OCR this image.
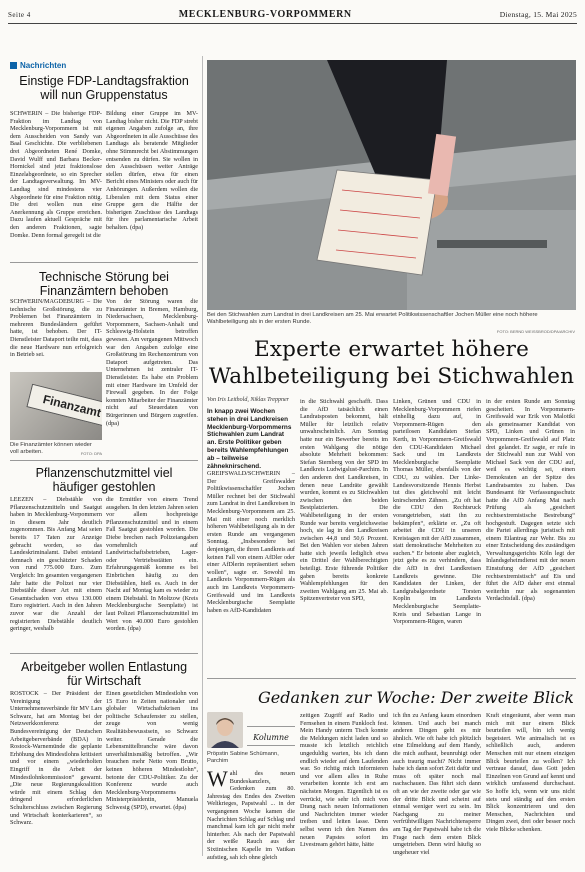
Seite 4	MECKLENBURG-VORPOMMERN	Dienstag, 15. Mai 2025
Nachrichten
Einstige FDP-Landtagsfraktion will nun Gruppenstatus
SCHWERIN – Die bisherige FDP-Fraktion im Landtag von Mecklenburg-Vorpommern ist mit dem Ausscheiden von Sandy van Baal Geschichte. Die verbliebenen drei Abgeordneten René Domke, David Wulff und Barbara Becker-Hornickel sind jetzt fraktionslose Einzelabgeordnete, so ein Sprecher der Landtagsverwaltung. Im MV-Landtag sind mindestens vier Abgeordnete für eine Fraktion nötig. Die drei wollen nun eine Anerkennung als Gruppe erreichen. Dazu laufen aktuell Gespräche mit den anderen Fraktionen, sagte Domke. Denn formal geregelt ist die
Bildung einer Gruppe im MV-Landtag bisher nicht. Die FDP strebt eigenen Angaben zufolge an, ihre Abgeordneten in alle Ausschüsse des Landtags als beratende Mitglieder ohne Stimmrecht bei Abstimmungen entsenden zu dürfen. Sie wollen in den Ausschüssen weiter Anträge stellen dürfen, etwa für einen Bericht eines Ministers oder auch für Anhörungen. Außerdem wollen die Liberalen mit dem Status einer Gruppe gern die Hälfte der bisherigen Zuschüsse des Landtags für ihre parlamentarische Arbeit behalten. (dpa)
Technische Störung bei Finanzämtern behoben
SCHWERIN/MAGDEBURG – Die technische Großstörung, die zu Problemen bei Finanzämtern in mehreren Bundesländern geführt hatte, ist behoben. Der IT-Dienstleister Dataport teilte mit, dass die neue Hardware nun erfolgreich in Betrieb sei.
Von der Störung waren die Finanzämter in Bremen, Hamburg, Niedersachsen, Mecklenburg-Vorpommern, Sachsen-Anhalt und Schleswig-Holstein betroffen gewesen. Am vergangenen Mittwoch war den Angaben zufolge eine Großstörung im Rechenzentrum von Dataport aufgetreten. Das Unternehmen ist zentraler IT-Dienstleister. Es habe ein Problem mit einer Hardware im Umfeld der Firewall gegeben. In der Folge konnten Mitarbeiter der Finanzämter nicht auf Steuerdaten von Bürgerinnen und Bürgern zugreifen. (dpa)
Finanzamt
Die Finanzämter können wieder voll arbeiten.	FOTO: DPA
Pflanzenschutzmittel viel häufiger gestohlen
LEEZEN – Diebstähle von Pflanzenschutzmitteln und Saatgut haben in Mecklenburg-Vorpommern in diesem Jahr deutlich zugenommen. Bis Anfang Mai seien bereits 17 Taten zur Anzeige gebracht worden, so das Landeskriminalamt. Dabei entstand demnach ein geschätzter Schaden von rund 775.000 Euro. Zum Vergleich: Im gesamten vergangenen Jahr hatte die Polizei nur vier Diebstähle dieser Art mit einem Gesamtschaden von etwa 130.000 Euro registriert. Auch in den Jahren zuvor war die Anzahl der registrierten Diebstähle deutlich geringer, weshalb
die Ermittler von einem Trend ausgehen. In den letzten Jahren seien vor allem hochpreisige Pflanzenschutzmittel und in einem Fall Saatgut gestohlen worden. Die Diebe brechen nach Polizeiangaben vornehmlich auf Landwirtschaftsbetrieben, Lager- oder Vertriebsstätten ein. Erfahrungsgemäß komme es bei Einbrüchen häufig zu den Diebstählen, hieß es. Auch in der Nacht auf Montag kam es wieder zu einem Diebstahl. In Moltzow (Kreis Mecklenburgische Seenplatte) ist laut Polizei Pflanzenschutzmittel im Wert von 40.000 Euro gestohlen worden. (dpa)
Arbeitgeber wollen Entlastung für Wirtschaft
ROSTOCK – Der Präsident der Vereinigung der Unternehmensverbände für MV Lars Schwarz, hat am Montag bei der Netzwerkkonferenz der Bundesvereinigung der Deutschen Arbeitgeberverbände (BDA) in Rostock-Warnemünde die geplante Erhöhung des Mindestlohns kritisiert und vor einem „wiederholten Eingriff in die Arbeit der Mindestlohnkommission“ gewarnt. „Die neue Regierungskoalition würde mit einem Schlag den dringend erforderlichen Schulterschluss zwischen Regierung und Wirtschaft konterkarieren“, so Schwarz.
Einen gesetzlichen Mindestlohn von 15 Euro in Zeiten nationaler und globaler Wirtschaftskrisen ins politische Schaufenster zu stellen, zeuge von wenig Realitätsbewusstsein, so Schwarz weiter. Gerade die Lebensmittelbranche wäre davon unverhältnismäßig betroffen. „Wir brauchen mehr Netto vom Brutto, keinen höheren Mindestlohn“, betonte der CDU-Politiker. Zu der Konferenz wurde auch Mecklenburg-Vorpommerns Ministerpräsidentin, Manuela Schwesig (SPD), erwartet. (dpa)
Bei den Stichwahlen zum Landrat in drei Landkreisen am 25. Mai erwartet Politikwissenschaftler Jochen Müller eine noch höhere Wahlbeteiligung als in der ersten Runde.
FOTO: BERND WEISSBROD/DPA/ARCHIV
Experte erwartet höhere
Wahlbeteiligung bei Stichwahlen
Von Iris Leithold, Niklas Treppner
In knapp zwei Wochen stehen in drei Landkreisen Mecklenburg-Vorpommerns Stichwahlen zum Landrat an. Erste Politiker geben bereits Wahlempfehlungen ab – teilweise zähneknirschend.
GREIFSWALD/SCHWERIN – Der Greifswalder Politikwissenschaftler Jochen Müller rechnet bei der Stichwahl zum Landrat in drei Landkreisen in Mecklenburg-Vorpommern am 25. Mai mit einer noch merklich höheren Wahlbeteiligung als in der ersten Runde am vergangenen Sonntag. „Insbesondere bei denjenigen, die ihren Landkreis auf keinen Fall von einem AfDler oder einer AfDlerin repräsentiert sehen wollen“, sagte er. Sowohl im Landkreis Vorpommern-Rügen als auch im Landkreis Vorpommern-Greifswald und im Landkreis Mecklenburgische Seenplatte haben es AfD-Kandidaten
in die Stichwahl geschafft. Dass die AfD tatsächlich einen Landratsposten bekommt, hält Müller für letztlich relativ unwahrscheinlich. Am Sonntag hatte nur ein Bewerber bereits im ersten Wahlgang die nötige absolute Mehrheit bekommen: Stefan Sternberg von der SPD im Landkreis Ludwigslust-Parchim. In den anderen drei Landkreisen, in denen neue Landräte gewählt wurden, kommt es zu Stichwahlen zwischen den beiden Bestplatzierten. Die Wahlbeteiligung in der ersten Runde war bereits vergleichsweise hoch, sie lag in den Landkreisen zwischen 44,8 und 50,6 Prozent. Bei den Wahlen vor sieben Jahren hatte sich jeweils lediglich etwa ein Drittel der Wahlberechtigten beteiligt. Erste führende Politiker gaben bereits konkrete Wahlempfehlungen für den zweiten Wahlgang am 25. Mai ab. Spitzenvertreter von SPD,
Linken, Grünen und CDU in Mecklenburg-Vorpommern riefen einhellig dazu auf, in Vorpommern-Rügen den parteilosen Kandidaten Stefan Kerth, in Vorpommern-Greifswald den CDU-Kandidaten Michael Sack und im Landkreis Mecklenburgische Seenplatte Thomas Müller, ebenfalls von der CDU, zu wählen. Der Linke-Landesvorsitzende Hennis Herbst tut dies gleichwohl mit leicht knirschenden Zähnen. „Zu oft hat die CDU den Rechtsruck vorangetrieben, statt ihn zu bekämpfen“, erklärte er. „Zu oft arbeitet die CDU in unseren Kreistagen mit der AfD zusammen, statt demokratische Mehrheiten zu suchen.“ Er betonte aber zugleich, jetzt gehe es zu verhindern, dass die AfD in drei Landkreisen Landkreis gewinne. Die Kandidaten der Linken, der Landgrabalgeordnete Torsten Koplin im Landkreis Mecklenburgische Seenplatte-Kreis und Sebastian Lange in Vorpommern-Rügen, waren
in der ersten Runde am Sonntag gescheitert. In Vorpommern-Greifswald war Erik von Malottki als gemeinsamer Kandidat von SPD, Linken und Grünen in Vorpommern-Greifswald auf Platz drei gelandet. Er sagte, er rufe in der Stichwahl nun zur Wahl von Michael Sack von der CDU auf, weil es wichtig sei, einen Demokraten an der Spitze des Landratsamtes zu haben. Das Bundesamt für Verfassungsschutz hatte die AfD Anfang Mai nach Prüfung als „gesichert rechtsextremistische Bestrebung“ hochgestuft. Dagegen setzte sich die Partei allerdings juristisch mit einem Eilantrag zur Wehr. Bis zu einer Entscheidung des zuständigen Verwaltungsgerichts Köln legt der Inlandsgeheimdienst mit der neuen Einstufung der AfD „gesichert rechtsextremistisch“ auf Eis und führt die AfD daher erst einmal weiterhin nur als sogenannten Verdachtsfall. (dpa)
Gedanken zur Woche: Der zweite Blick
Kolumne
Pröpstin Sabine Schümann, Parchim
Wahl des neuen Bundeskanzlers, Gedenken zum 80. Jahrestag des Endes des Zweiten Weltkrieges, Papstwahl ... in der vergangenen Woche kamen die Nachrichten Schlag auf Schlag und manchmal kam ich gar nicht mehr hinterher. Als nach der Papstwahl der weiße Rauch aus der Sixtinischen Kapelle im Vatikan aufstieg, sah ich ohne gleich
zeitigen Zugriff auf Radio und Fernsehen in einem Funkloch fest. Mein Handy unterm Tisch konnte die Meldungen nicht laden und so musste ich letztlich reichlich ungeduldig warten, bis ich dann endlich wieder auf dem Laufenden war. So richtig mich informieren und vor allem alles in Ruhe verarbeiten konnte ich erst am nächsten Morgen. Eigentlich ist es verrückt, wie sehr ich mich von Drang nach neuen Informationen und Nachrichten immer wieder treiben und leiten lasse. Denn selbst wenn ich den Namen des neuen Papstes sofort im Livestream gehört hätte, hätte
ich ihn zu Anfang kaum einordnen können. Und auch bei manch anderen Dingen geht es mir ähnlich. Wie oft habe ich plötzlich eine Eilmeldung auf dem Handy, die mich aufhaut, beunruhigt oder auch traurig macht? Nicht immer habe ich dann sofort Zeit dafür und muss oft später noch mal nachschauen. Das führt sich dann oft an wie der zweite oder gar wie der dritte Blick und scheint auf einmal weniger wert zu sein. Im Nachgang zu meiner verfrühtwilligen Nachrichtensperre am Tag der Papstwahl habe ich die Frage nach dem ersten Blick umgetrieben. Denn wird häufig so ungeheuer viel
Kraft eingeräumt, aber wenn man mich mit nur einem Blick beurteilen will, bin ich wenig begeistert. Wie animalisch ist es schließlich auch, anderen Menschen mit nur einem einzigen Blick beurteilen zu wollen? Ich vertraue darauf, dass Gott jeden Einzelnen von Grund auf kennt und wirklich umfassend durchschaut. So hoffe ich, wenn wir uns nicht stets und ständig auf den ersten Blick konzentrieren und den Menschen, Nachrichten und Dingen zwei, drei oder besser noch viele Blicke schenken.
